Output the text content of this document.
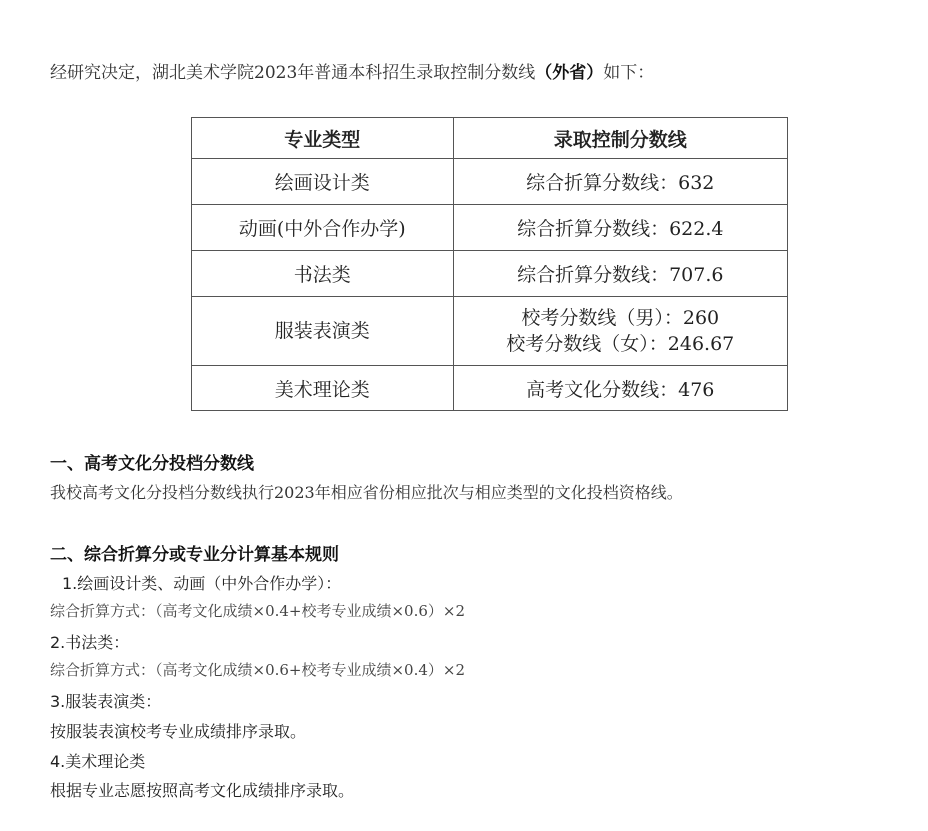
经研究决定，湖北美术学院2023年普通本科招生录取控制分数线（外省）如下：
专业类型	录取控制分数线
绘画设计类	综合折算分数线：632
动画(中外合作办学)	综合折算分数线：622.4
书法类	综合折算分数线：707.6
服装表演类	校考分数线（男）：260
校考分数线（女）：246.67

美术理论类	高考文化分数线：476
一、高考文化分投档分数线
我校高考文化分投档分数线执行2023年相应省份相应批次与相应类型的文化投档资格线。
二、综合折算分或专业分计算基本规则
1.绘画设计类、动画（中外合作办学）：
综合折算方式：（高考文化成绩×0.4+校考专业成绩×0.6）×2
2.书法类：
综合折算方式：（高考文化成绩×0.6+校考专业成绩×0.4）×2
3.服装表演类：
按服装表演校考专业成绩排序录取。
4.美术理论类
根据专业志愿按照高考文化成绩排序录取。
